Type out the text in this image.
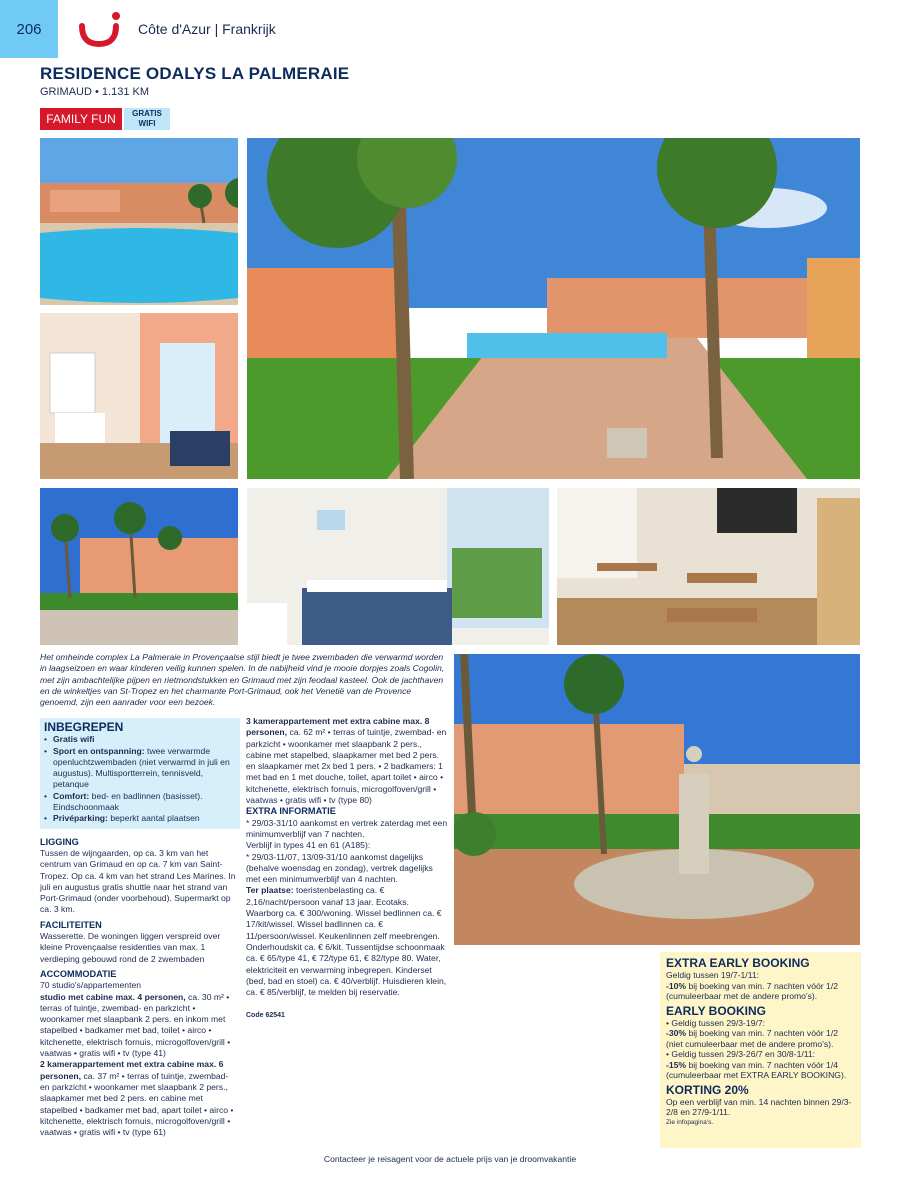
206	Côte d'Azur | Frankrijk
RESIDENCE ODALYS LA PALMERAIE
GRIMAUD • 1.131 KM
FAMILY FUN	GRATIS
WIFI
Het omheinde complex La Palmeraie in Provençaalse stijl biedt je twee zwembaden die verwarmd worden in laagseizoen en waar kinderen veilig kunnen spelen. In de nabijheid vind je mooie dorpjes zoals Cogolin, met zijn ambachtelijke pijpen en rietmondstukken en Grimaud met zijn feodaal kasteel. Ook de jachthaven en de winkeltjes van St-Tropez en het charmante Port-Grimaud, ook het Venetië van de Provence genoemd, zijn een aanrader voor een bezoek.
INBEGREPEN
• Gratis wifi
• Sport en ontspanning: twee verwarmde openluchtzwembaden (niet verwarmd in juli en augustus). Multisportterrein, tennisveld, petanque
• Comfort: bed- en badlinnen (basisset). Eindschoonmaak
• Privéparking: beperkt aantal plaatsen
LIGGING
Tussen de wijngaarden, op ca. 3 km van het centrum van Grimaud en op ca. 7 km van Saint-Tropez. Op ca. 4 km van het strand Les Marines. In juli en augustus gratis shuttle naar het strand van Port-Grimaud (onder voorbehoud). Supermarkt op ca. 3 km.
FACILITEITEN
Wasserette. De woningen liggen verspreid over kleine Provençaalse residenties van max. 1 verdieping gebouwd rond de 2 zwembaden
ACCOMMODATIE
70 studio's/appartementen
studio met cabine max. 4 personen, ca. 30 m² • terras of tuintje, zwembad- en parkzicht • woonkamer met slaapbank 2 pers. en inkom met stapelbed • badkamer met bad, toilet • airco • kitchenette, elektrisch fornuis, microgolfoven/grill • vaatwas • gratis wifi • tv (type 41)
2 kamerappartement met extra cabine max. 6 personen, ca. 37 m² • terras of tuintje, zwembad- en parkzicht • woonkamer met slaapbank 2 pers., slaapkamer met bed 2 pers. en cabine met stapelbed • badkamer met bad, apart toilet • airco • kitchenette, elektrisch fornuis, microgolfoven/grill • vaatwas • gratis wifi • tv (type 61)
3 kamerappartement met extra cabine max. 8 personen, ca. 62 m² • terras of tuintje, zwembad- en parkzicht • woonkamer met slaapbank 2 pers., cabine met stapelbed, slaapkamer met bed 2 pers. en slaapkamer met 2x bed 1 pers. • 2 badkamers: 1 met bad en 1 met douche, toilet, apart toilet • airco • kitchenette, elektrisch fornuis, microgolfoven/grill • vaatwas • gratis wifi • tv (type 80)
EXTRA INFORMATIE
* 29/03-31/10 aankomst en vertrek zaterdag met een minimumverblijf van 7 nachten.
Verblijf in types 41 en 61 (A185):
* 29/03-11/07, 13/09-31/10 aankomst dagelijks (behalve woensdag en zondag), vertrek dagelijks met een minimumverblijf van 4 nachten.
Ter plaatse: toeristenbelasting ca. € 2,16/nacht/persoon vanaf 13 jaar. Ecotaks. Waarborg ca. € 300/woning. Wissel bedlinnen ca. € 17/kit/wissel. Wissel badlinnen ca. € 11/persoon/wissel. Keukenlinnen zelf meebrengen. Onderhoudskit ca. € 6/kit. Tussentijdse schoonmaak ca. € 65/type 41, € 72/type 61, € 82/type 80. Water, elektriciteit en verwarming inbegrepen. Kinderset (bed, bad en stoel) ca. € 40/verblijf. Huisdieren klein, ca. € 85/verblijf, te melden bij reservatie.
Code 62541
EXTRA EARLY BOOKING
Geldig tussen 19/7-1/11:
-10% bij boeking van min. 7 nachten vóór 1/2 (cumuleerbaar met de andere promo's).
EARLY BOOKING
• Geldig tussen 29/3-19/7:
-30% bij boeking van min. 7 nachten vóór 1/2 (niet cumuleerbaar met de andere promo's).
• Geldig tussen 29/3-26/7 en 30/8-1/11:
-15% bij boeking van min. 7 nachten vóór 1/4 (cumuleerbaar met EXTRA EARLY BOOKING).
KORTING 20%
Op een verblijf van min. 14 nachten binnen 29/3-2/8 en 27/9-1/11.
Zie infopagina's.
Contacteer je reisagent voor de actuele prijs van je droomvakantie
